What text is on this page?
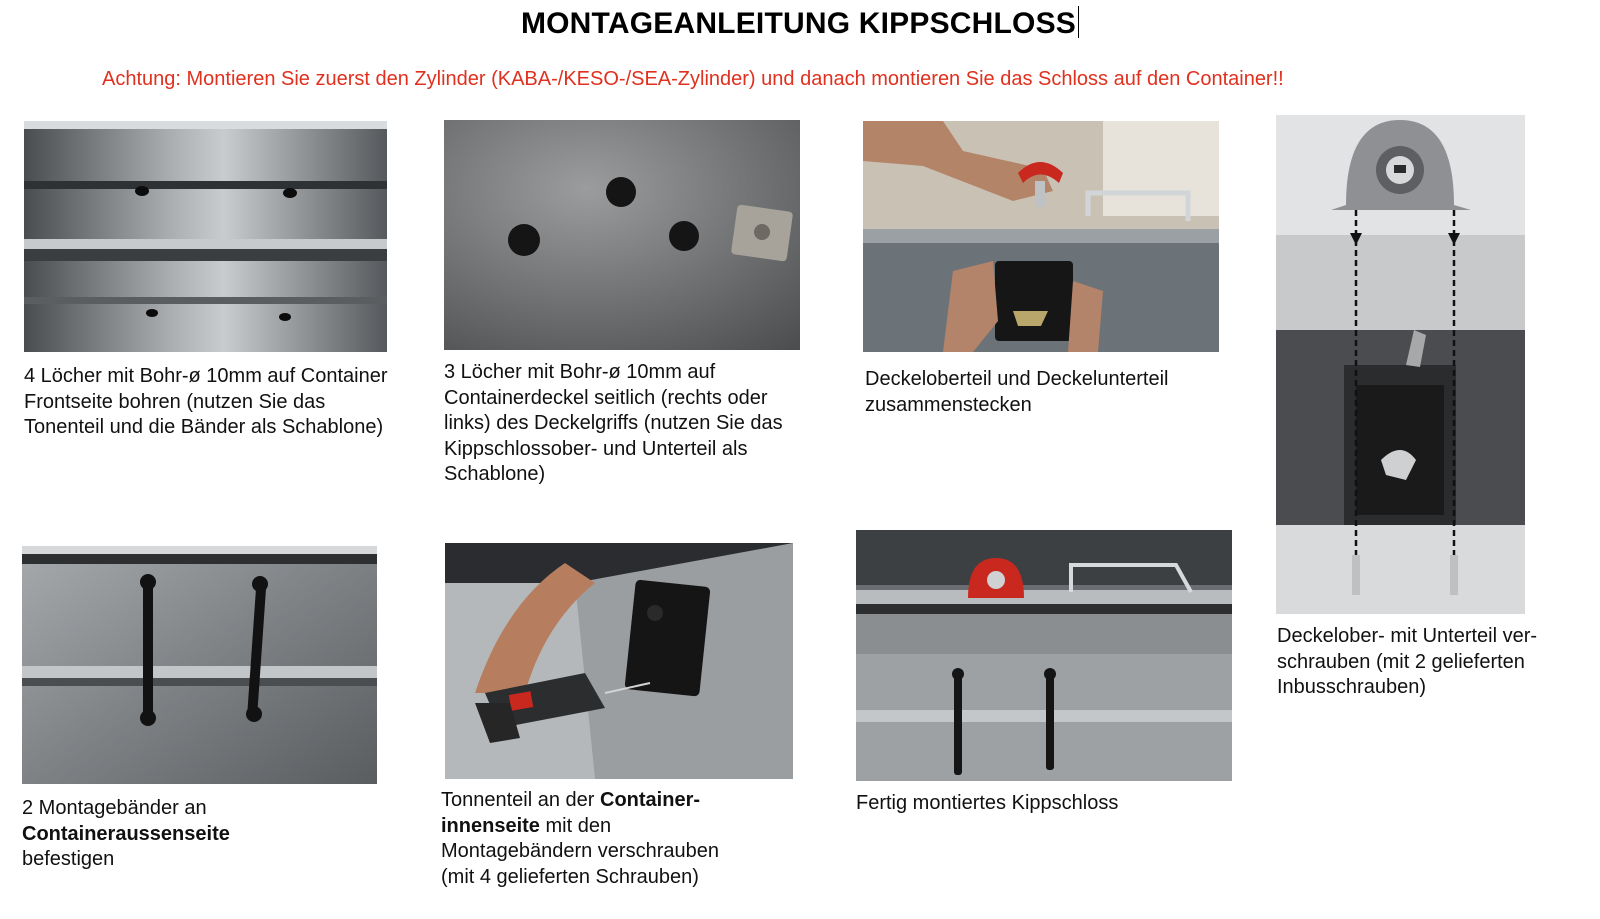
MONTAGEANLEITUNG KIPPSCHLOSS
Achtung: Montieren Sie zuerst den Zylinder (KABA-/KESO-/SEA-Zylinder) und danach montieren Sie das Schloss auf den Container!!
4 Löcher mit Bohr-ø 10mm auf Container Frontseite bohren (nutzen Sie das Tonenteil und die Bänder als Schablone)
3 Löcher mit Bohr-ø 10mm auf Containerdeckel seitlich (rechts oder links) des Deckelgriffs (nutzen Sie das Kippschlossober- und Unterteil als Schablone)
Deckeloberteil und Deckelunterteil zusammenstecken
Deckelober- mit Unterteil ver-
schrauben (mit 2 gelieferten
Inbusschrauben)
2 Montagebänder an
Containeraussenseite
befestigen
Tonnenteil an der Container-
innenseite mit den
Montagebändern verschrauben
(mit 4 gelieferten Schrauben)
Fertig montiertes Kippschloss
